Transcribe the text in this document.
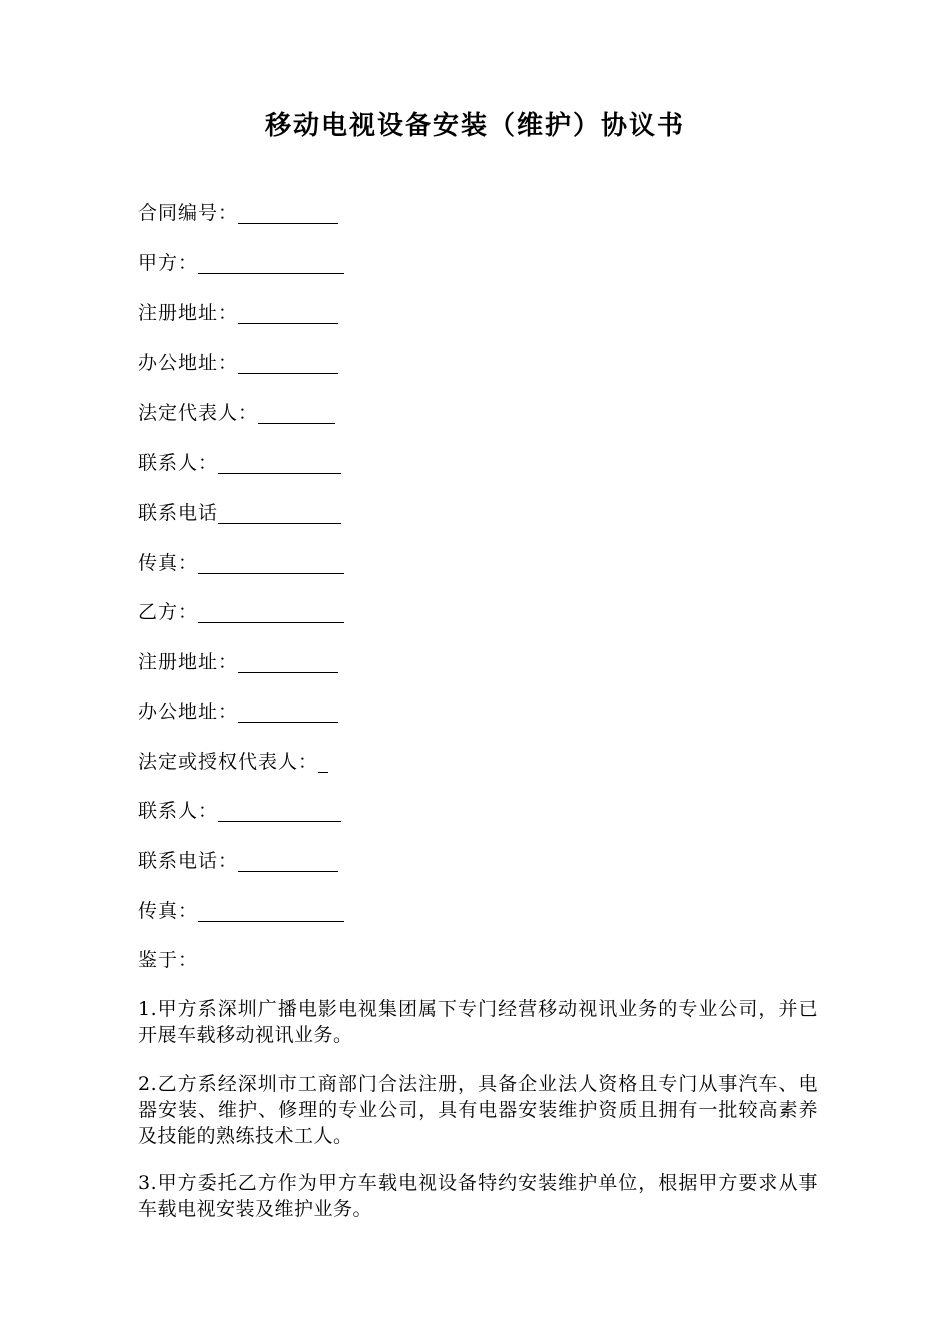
移动电视设备安装（维护）协议书
合同编号：
甲方：
注册地址：
办公地址：
法定代表人：
联系人：
联系电话
传真：
乙方：
注册地址：
办公地址：
法定或授权代表人：
联系人：
联系电话：
传真：
鉴于：
1.甲方系深圳广播电影电视集团属下专门经营移动视讯业务的专业公司，并已开展车载移动视讯业务。
2.乙方系经深圳市工商部门合法注册，具备企业法人资格且专门从事汽车、电器安装、维护、修理的专业公司，具有电器安装维护资质且拥有一批较高素养及技能的熟练技术工人。
3.甲方委托乙方作为甲方车载电视设备特约安装维护单位，根据甲方要求从事车载电视安装及维护业务。
